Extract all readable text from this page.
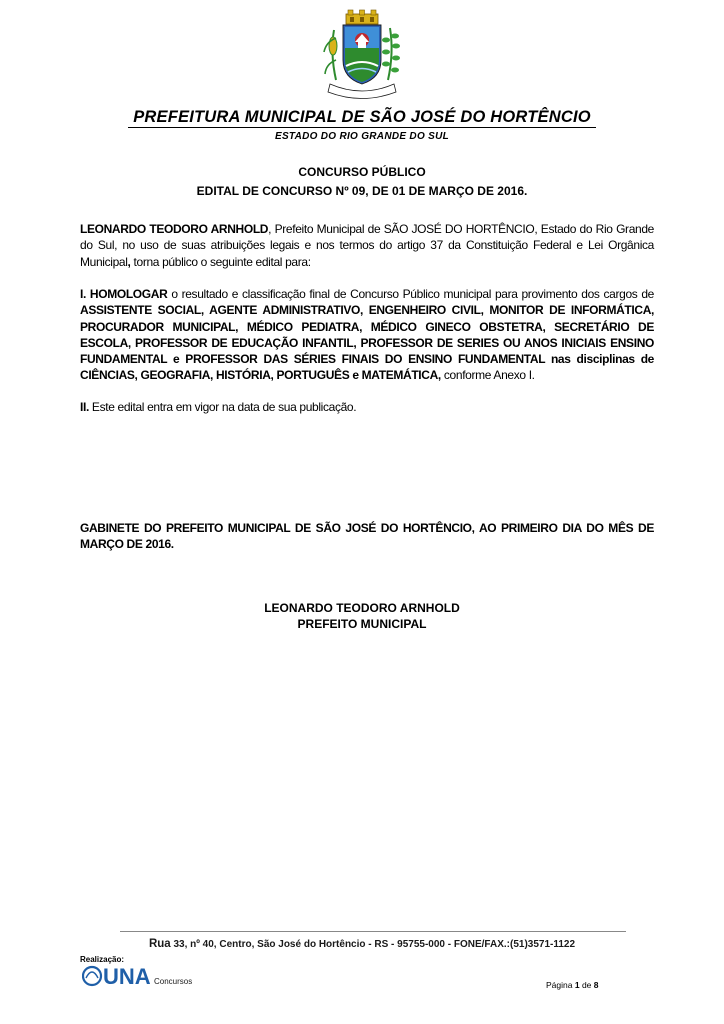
PREFEITURA MUNICIPAL DE SÃO JOSÉ DO HORTÊNCIO
ESTADO DO RIO GRANDE DO SUL
CONCURSO PÚBLICO
EDITAL DE CONCURSO Nº 09, DE 01 DE MARÇO DE 2016.
LEONARDO TEODORO ARNHOLD, Prefeito Municipal de SÃO JOSÉ DO HORTÊNCIO, Estado do Rio Grande do Sul, no uso de suas atribuições legais e nos termos do artigo 37 da Constituição Federal e Lei Orgânica Municipal, torna público o seguinte edital para:
I. HOMOLOGAR o resultado e classificação final de Concurso Público municipal para provimento dos cargos de ASSISTENTE SOCIAL, AGENTE ADMINISTRATIVO, ENGENHEIRO CIVIL, MONITOR DE INFORMÁTICA, PROCURADOR MUNICIPAL, MÉDICO PEDIATRA, MÉDICO GINECO OBSTETRA, SECRETÁRIO DE ESCOLA, PROFESSOR DE EDUCAÇÃO INFANTIL, PROFESSOR DE SERIES OU ANOS INICIAIS ENSINO FUNDAMENTAL e PROFESSOR DAS SÉRIES FINAIS DO ENSINO FUNDAMENTAL nas disciplinas de CIÊNCIAS, GEOGRAFIA, HISTÓRIA, PORTUGUÊS e MATEMÁTICA, conforme Anexo I.
II. Este edital entra em vigor na data de sua publicação.
GABINETE DO PREFEITO MUNICIPAL DE SÃO JOSÉ DO HORTÊNCIO, AO PRIMEIRO DIA DO MÊS DE MARÇO DE 2016.
LEONARDO TEODORO ARNHOLD
PREFEITO MUNICIPAL
Rua 33, nº 40, Centro, São José do Hortêncio - RS - 95755-000 - FONE/FAX.:(51)3571-1122
Realização:
UNA Concursos	Página 1 de 8
